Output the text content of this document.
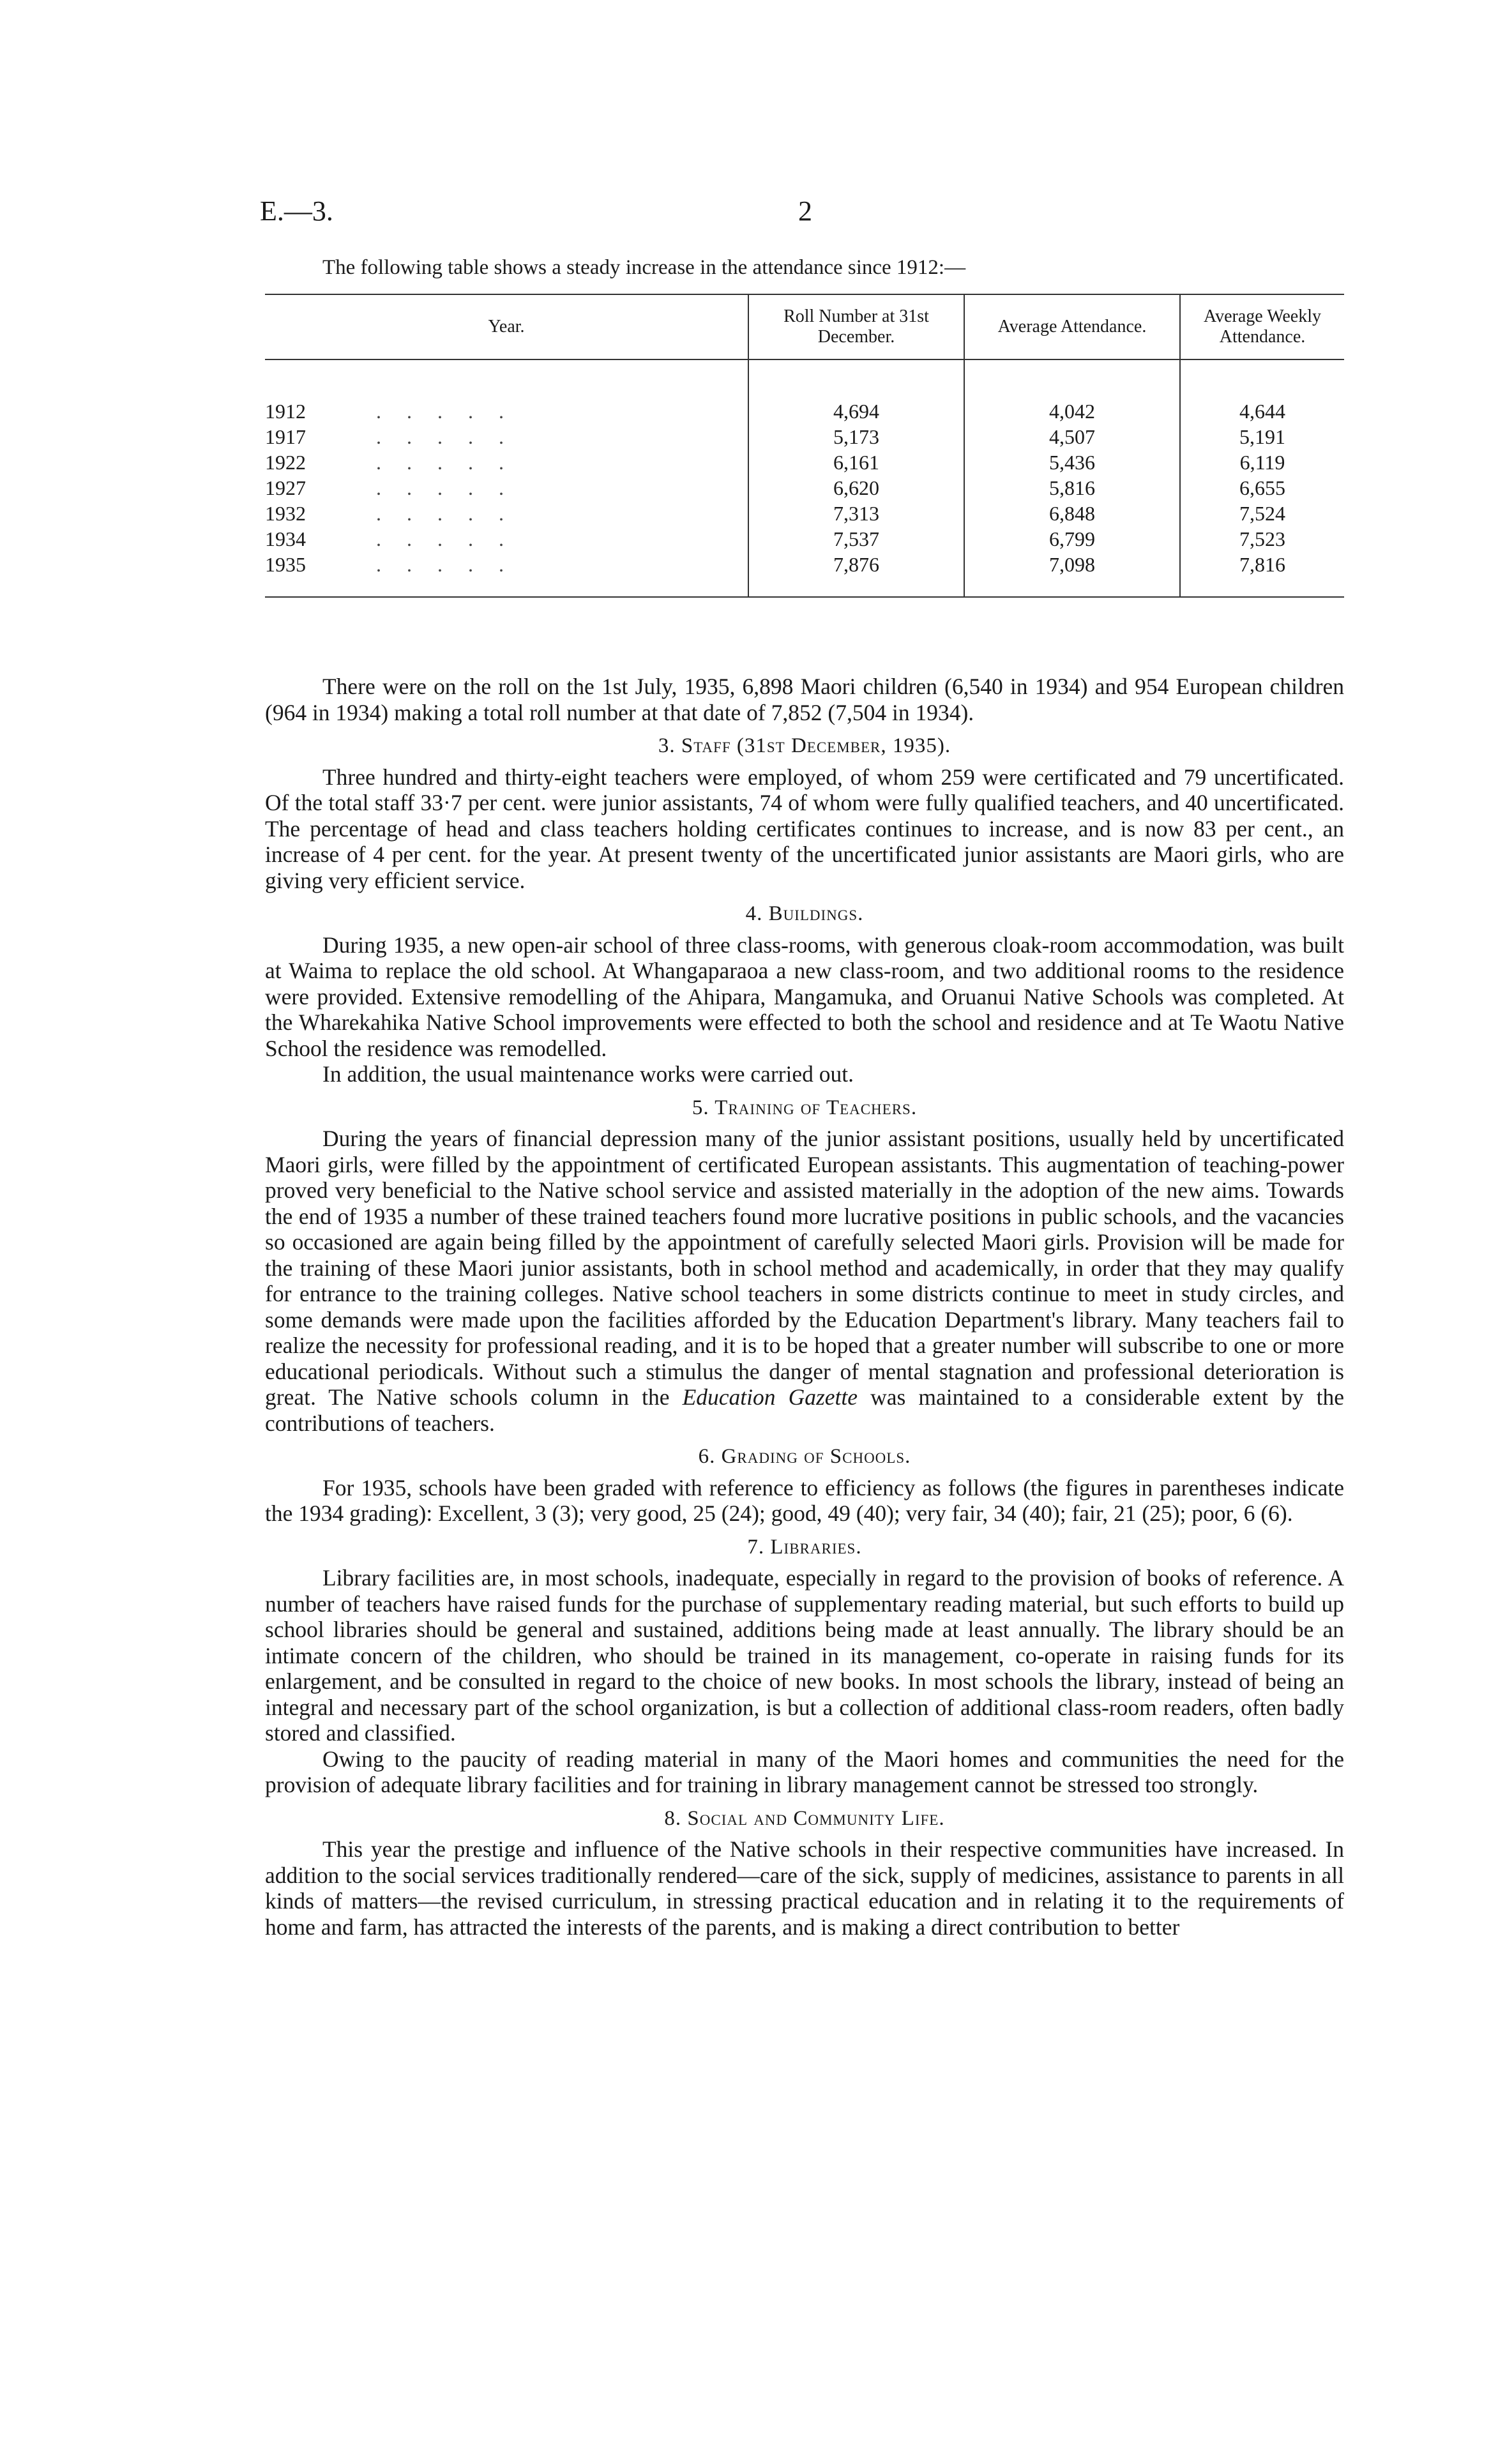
E.—3.	2
The following table shows a steady increase in the attendance since 1912:—
Year.	Roll Number at 31st December.	Average Attendance.	Average Weekly Attendance.

1912 .....	4,694	4,042	4,644
1917 .....	5,173	4,507	5,191
1922 .....	6,161	5,436	6,119
1927 .....	6,620	5,816	6,655
1932 .....	7,313	6,848	7,524
1934 .....	7,537	6,799	7,523
1935 .....	7,876	7,098	7,816

There were on the roll on the 1st July, 1935, 6,898 Maori children (6,540 in 1934) and 954 European children (964 in 1934) making a total roll number at that date of 7,852 (7,504 in 1934).

3. Staff (31st December, 1935).

Three hundred and thirty-eight teachers were employed, of whom 259 were certificated and 79 uncertificated. Of the total staff 33·7 per cent. were junior assistants, 74 of whom were fully qualified teachers, and 40 uncertificated. The percentage of head and class teachers holding certificates continues to increase, and is now 83 per cent., an increase of 4 per cent. for the year. At present twenty of the uncertificated junior assistants are Maori girls, who are giving very efficient service.

4. Buildings.

During 1935, a new open-air school of three class-rooms, with generous cloak-room accommodation, was built at Waima to replace the old school. At Whangaparaoa a new class-room, and two additional rooms to the residence were provided. Extensive remodelling of the Ahipara, Mangamuka, and Oruanui Native Schools was completed. At the Wharekahika Native School improvements were effected to both the school and residence and at Te Waotu Native School the residence was remodelled.

In addition, the usual maintenance works were carried out.

5. Training of Teachers.

During the years of financial depression many of the junior assistant positions, usually held by uncertificated Maori girls, were filled by the appointment of certificated European assistants. This augmentation of teaching-power proved very beneficial to the Native school service and assisted materially in the adoption of the new aims. Towards the end of 1935 a number of these trained teachers found more lucrative positions in public schools, and the vacancies so occasioned are again being filled by the appointment of carefully selected Maori girls. Provision will be made for the training of these Maori junior assistants, both in school method and academically, in order that they may qualify for entrance to the training colleges. Native school teachers in some districts continue to meet in study circles, and some demands were made upon the facilities afforded by the Education Department's library. Many teachers fail to realize the necessity for professional reading, and it is to be hoped that a greater number will subscribe to one or more educational periodicals. Without such a stimulus the danger of mental stagnation and professional deterioration is great. The Native schools column in the Education Gazette was maintained to a considerable extent by the contributions of teachers.

6. Grading of Schools.

For 1935, schools have been graded with reference to efficiency as follows (the figures in parentheses indicate the 1934 grading): Excellent, 3 (3); very good, 25 (24); good, 49 (40); very fair, 34 (40); fair, 21 (25); poor, 6 (6).

7. Libraries.

Library facilities are, in most schools, inadequate, especially in regard to the provision of books of reference. A number of teachers have raised funds for the purchase of supplementary reading material, but such efforts to build up school libraries should be general and sustained, additions being made at least annually. The library should be an intimate concern of the children, who should be trained in its management, co-operate in raising funds for its enlargement, and be consulted in regard to the choice of new books. In most schools the library, instead of being an integral and necessary part of the school organization, is but a collection of additional class-room readers, often badly stored and classified.

Owing to the paucity of reading material in many of the Maori homes and communities the need for the provision of adequate library facilities and for training in library management cannot be stressed too strongly.

8. Social and Community Life.

This year the prestige and influence of the Native schools in their respective communities have increased. In addition to the social services traditionally rendered—care of the sick, supply of medicines, assistance to parents in all kinds of matters—the revised curriculum, in stressing practical education and in relating it to the requirements of home and farm, has attracted the interests of the parents, and is making a direct contribution to better
